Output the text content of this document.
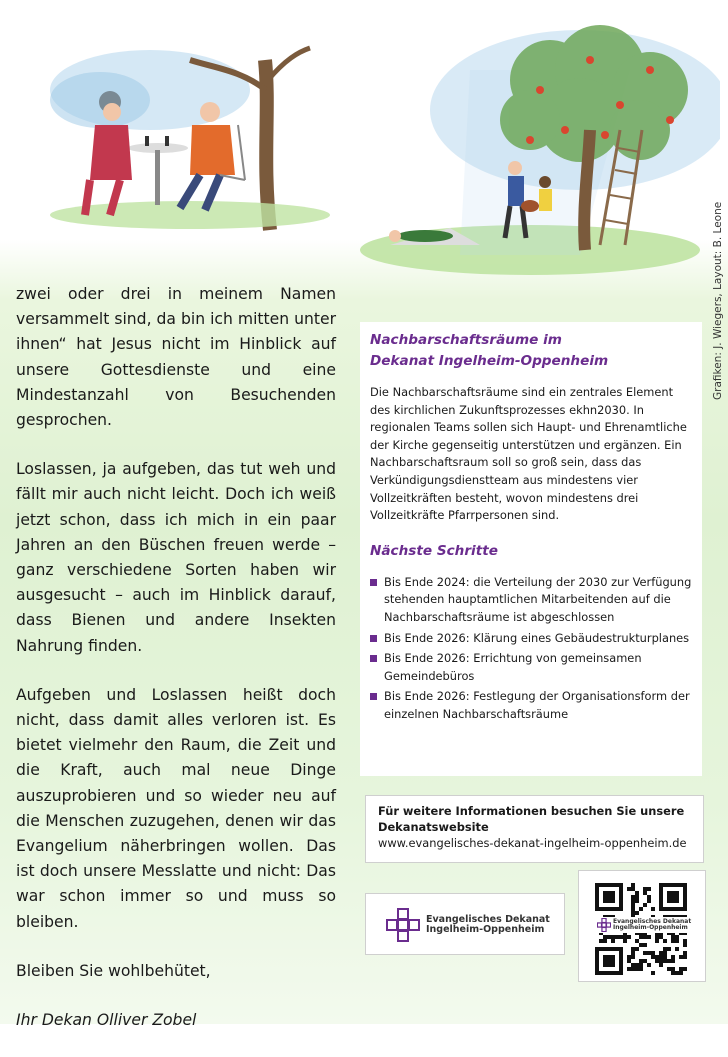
Grafiken: J. Wiegers, Layout: B. Leone

zwei oder drei in meinem Namen versammelt sind, da bin ich mitten unter ihnen“ hat Jesus nicht im Hinblick auf unsere Gottesdienste und eine Mindestanzahl von Besuchenden gesprochen.

Loslassen, ja aufgeben, das tut weh und fällt mir auch nicht leicht. Doch ich weiß jetzt schon, dass ich mich in ein paar Jahren an den Büschen freuen werde – ganz verschiedene Sorten haben wir ausgesucht – auch im Hinblick darauf, dass Bienen und andere Insekten Nahrung finden.

Aufgeben und Loslassen heißt doch nicht, dass damit alles verloren ist. Es bietet vielmehr den Raum, die Zeit und die Kraft, auch mal neue Dinge auszuprobieren und so wieder neu auf die Menschen zuzugehen, denen wir das Evangelium näherbringen wollen. Das ist doch unsere Messlatte und nicht: Das war schon immer so und muss so bleiben.

Bleiben Sie wohlbehütet,

Ihr Dekan Olliver Zobel

Nachbarschaftsräume im
Dekanat Ingelheim-Oppenheim

Die Nachbarschaftsräume sind ein zentrales Element des kirchlichen Zukunftsprozesses ekhn2030. In regionalen Teams sollen sich Haupt- und Ehrenamtliche der Kirche gegenseitig unterstützen und ergänzen. Ein Nachbarschaftsraum soll so groß sein, dass das Verkündigungsdienstteam aus mindestens vier Vollzeitkräften besteht, wovon mindestens drei Vollzeitkräfte Pfarrpersonen sind.

Nächste Schritte
Bis Ende 2024: die Verteilung der 2030 zur Verfügung stehenden hauptamtlichen Mitarbeitenden auf die Nachbarschaftsräume ist abgeschlossen
Bis Ende 2026: Klärung eines Gebäudestrukturplanes
Bis Ende 2026: Errichtung von gemeinsamen Gemeindebüros
Bis Ende 2026: Festlegung der Organisationsform der einzelnen Nachbarschaftsräume
Für weitere Informationen besuchen Sie unsere Dekanatswebsite
www.evangelisches-dekanat-ingelheim-oppenheim.de
Evangelisches Dekanat
Ingelheim-Oppenheim
Evangelisches Dekanat
Ingelheim-Oppenheim
